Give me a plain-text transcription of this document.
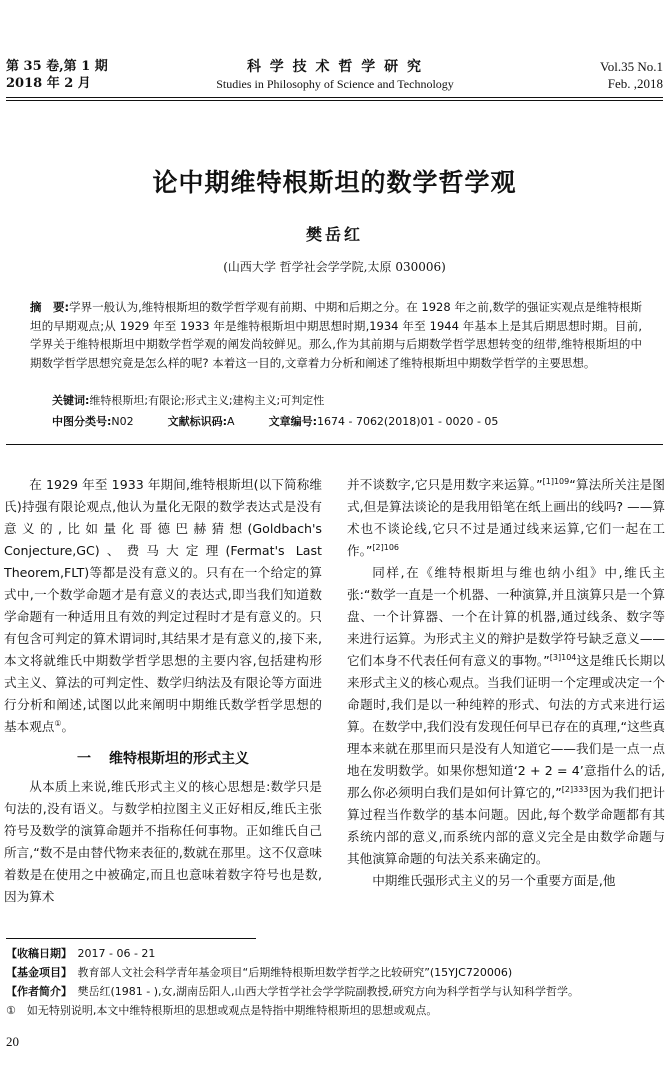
第 35 卷,第 1 期
2018 年 2 月
科 学 技 术 哲 学 研 究
Studies in Philosophy of Science and Technology
Vol.35 No.1
Feb. ,2018
论中期维特根斯坦的数学哲学观
樊岳红
(山西大学 哲学社会学学院,太原 030006)
摘　要:学界一般认为,维特根斯坦的数学哲学观有前期、中期和后期之分。在 1928 年之前,数学的强证实观点是维特根斯坦的早期观点;从 1929 年至 1933 年是维特根斯坦中期思想时期,1934 年至 1944 年基本上是其后期思想时期。目前,学界关于维特根斯坦中期数学哲学观的阐发尚较鲜见。那么,作为其前期与后期数学哲学思想转变的纽带,维特根斯坦的中期数学哲学思想究竟是怎么样的呢? 本着这一目的,文章着力分析和阐述了维特根斯坦中期数学哲学的主要思想。
关键词:维特根斯坦;有限论;形式主义;建构主义;可判定性
中图分类号:N02	文献标识码:A	文章编号:1674 - 7062(2018)01 - 0020 - 05

在 1929 年至 1933 年期间,维特根斯坦(以下简称维氏)持强有限论观点,他认为量化无限的数学表达式是没有意义的,比如量化哥德巴赫猜想(Goldbach's Conjecture,GC)、费马大定理(Fermat's Last Theorem,FLT)等都是没有意义的。只有在一个给定的算式中,一个数学命题才是有意义的表达式,即当我们知道数学命题有一种适用且有效的判定过程时才是有意义的。只有包含可判定的算术谓词时,其结果才是有意义的,接下来,本文将就维氏中期数学哲学思想的主要内容,包括建构形式主义、算法的可判定性、数学归纳法及有限论等方面进行分析和阐述,试图以此来阐明中期维氏数学哲学思想的基本观点①。

一 维特根斯坦的形式主义

从本质上来说,维氏形式主义的核心思想是:数学只是句法的,没有语义。与数学柏拉图主义正好相反,维氏主张符号及数学的演算命题并不指称任何事物。正如维氏自己所言,“数不是由替代物来表征的,数就在那里。这不仅意味着数是在使用之中被确定,而且也意味着数字符号也是数,因为算术

并不谈数字,它只是用数字来运算。”$^{[1]109}$“算法所关注是图式,但是算法谈论的是我用铅笔在纸上画出的线吗? ——算术也不谈论线,它只不过是通过线来运算,它们一起在工作。”$^{[2]106}$

同样,在《维特根斯坦与维也纳小组》中,维氏主张:“数学一直是一个机器、一种演算,并且演算只是一个算盘、一个计算器、一个在计算的机器,通过线条、数字等来进行运算。为形式主义的辩护是数学符号缺乏意义——它们本身不代表任何有意义的事物。”$^{[3]104}$这是维氏长期以来形式主义的核心观点。当我们证明一个定理或决定一个命题时,我们是以一种纯粹的形式、句法的方式来进行运算。在数学中,我们没有发现任何早已存在的真理,“这些真理本来就在那里而只是没有人知道它——我们是一点一点地在发明数学。如果你想知道‘2 + 2 = 4’意指什么的话,那么你必须明白我们是如何计算它的,”$^{[2]333}$因为我们把计算过程当作数学的基本问题。因此,每个数学命题都有其系统内部的意义,而系统内部的意义完全是由数学命题与其他演算命题的句法关系来确定的。

中期维氏强形式主义的另一个重要方面是,他

【收稿日期】　 2017 - 06 - 21
【基金项目】　 教育部人文社会科学青年基金项目“后期维特根斯坦数学哲学之比较研究”(15YJC720006)
【作者简介】　 樊岳红(1981 - ),女,湖南岳阳人,山西大学哲学社会学学院副教授,研究方向为科学哲学与认知科学哲学。
①　 如无特别说明,本文中维特根斯坦的思想或观点是特指中期维特根斯坦的思想或观点。
20
